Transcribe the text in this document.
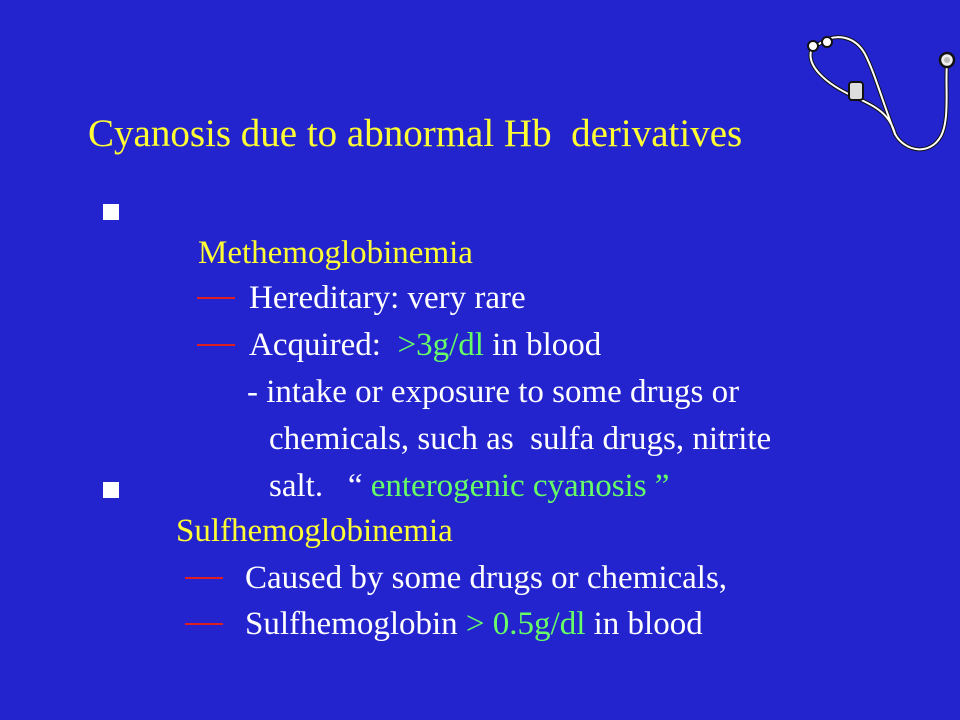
Cyanosis due to abnormal Hb  derivatives

Methemoglobinemia

Hereditary: very rare

Acquired:  >3g/dl in blood

- intake or exposure to some drugs or

chemicals, such as  sulfa drugs, nitrite

salt.   “ enterogenic cyanosis ”

Sulfhemoglobinemia

Caused by some drugs or chemicals,

Sulfhemoglobin > 0.5g/dl in blood
